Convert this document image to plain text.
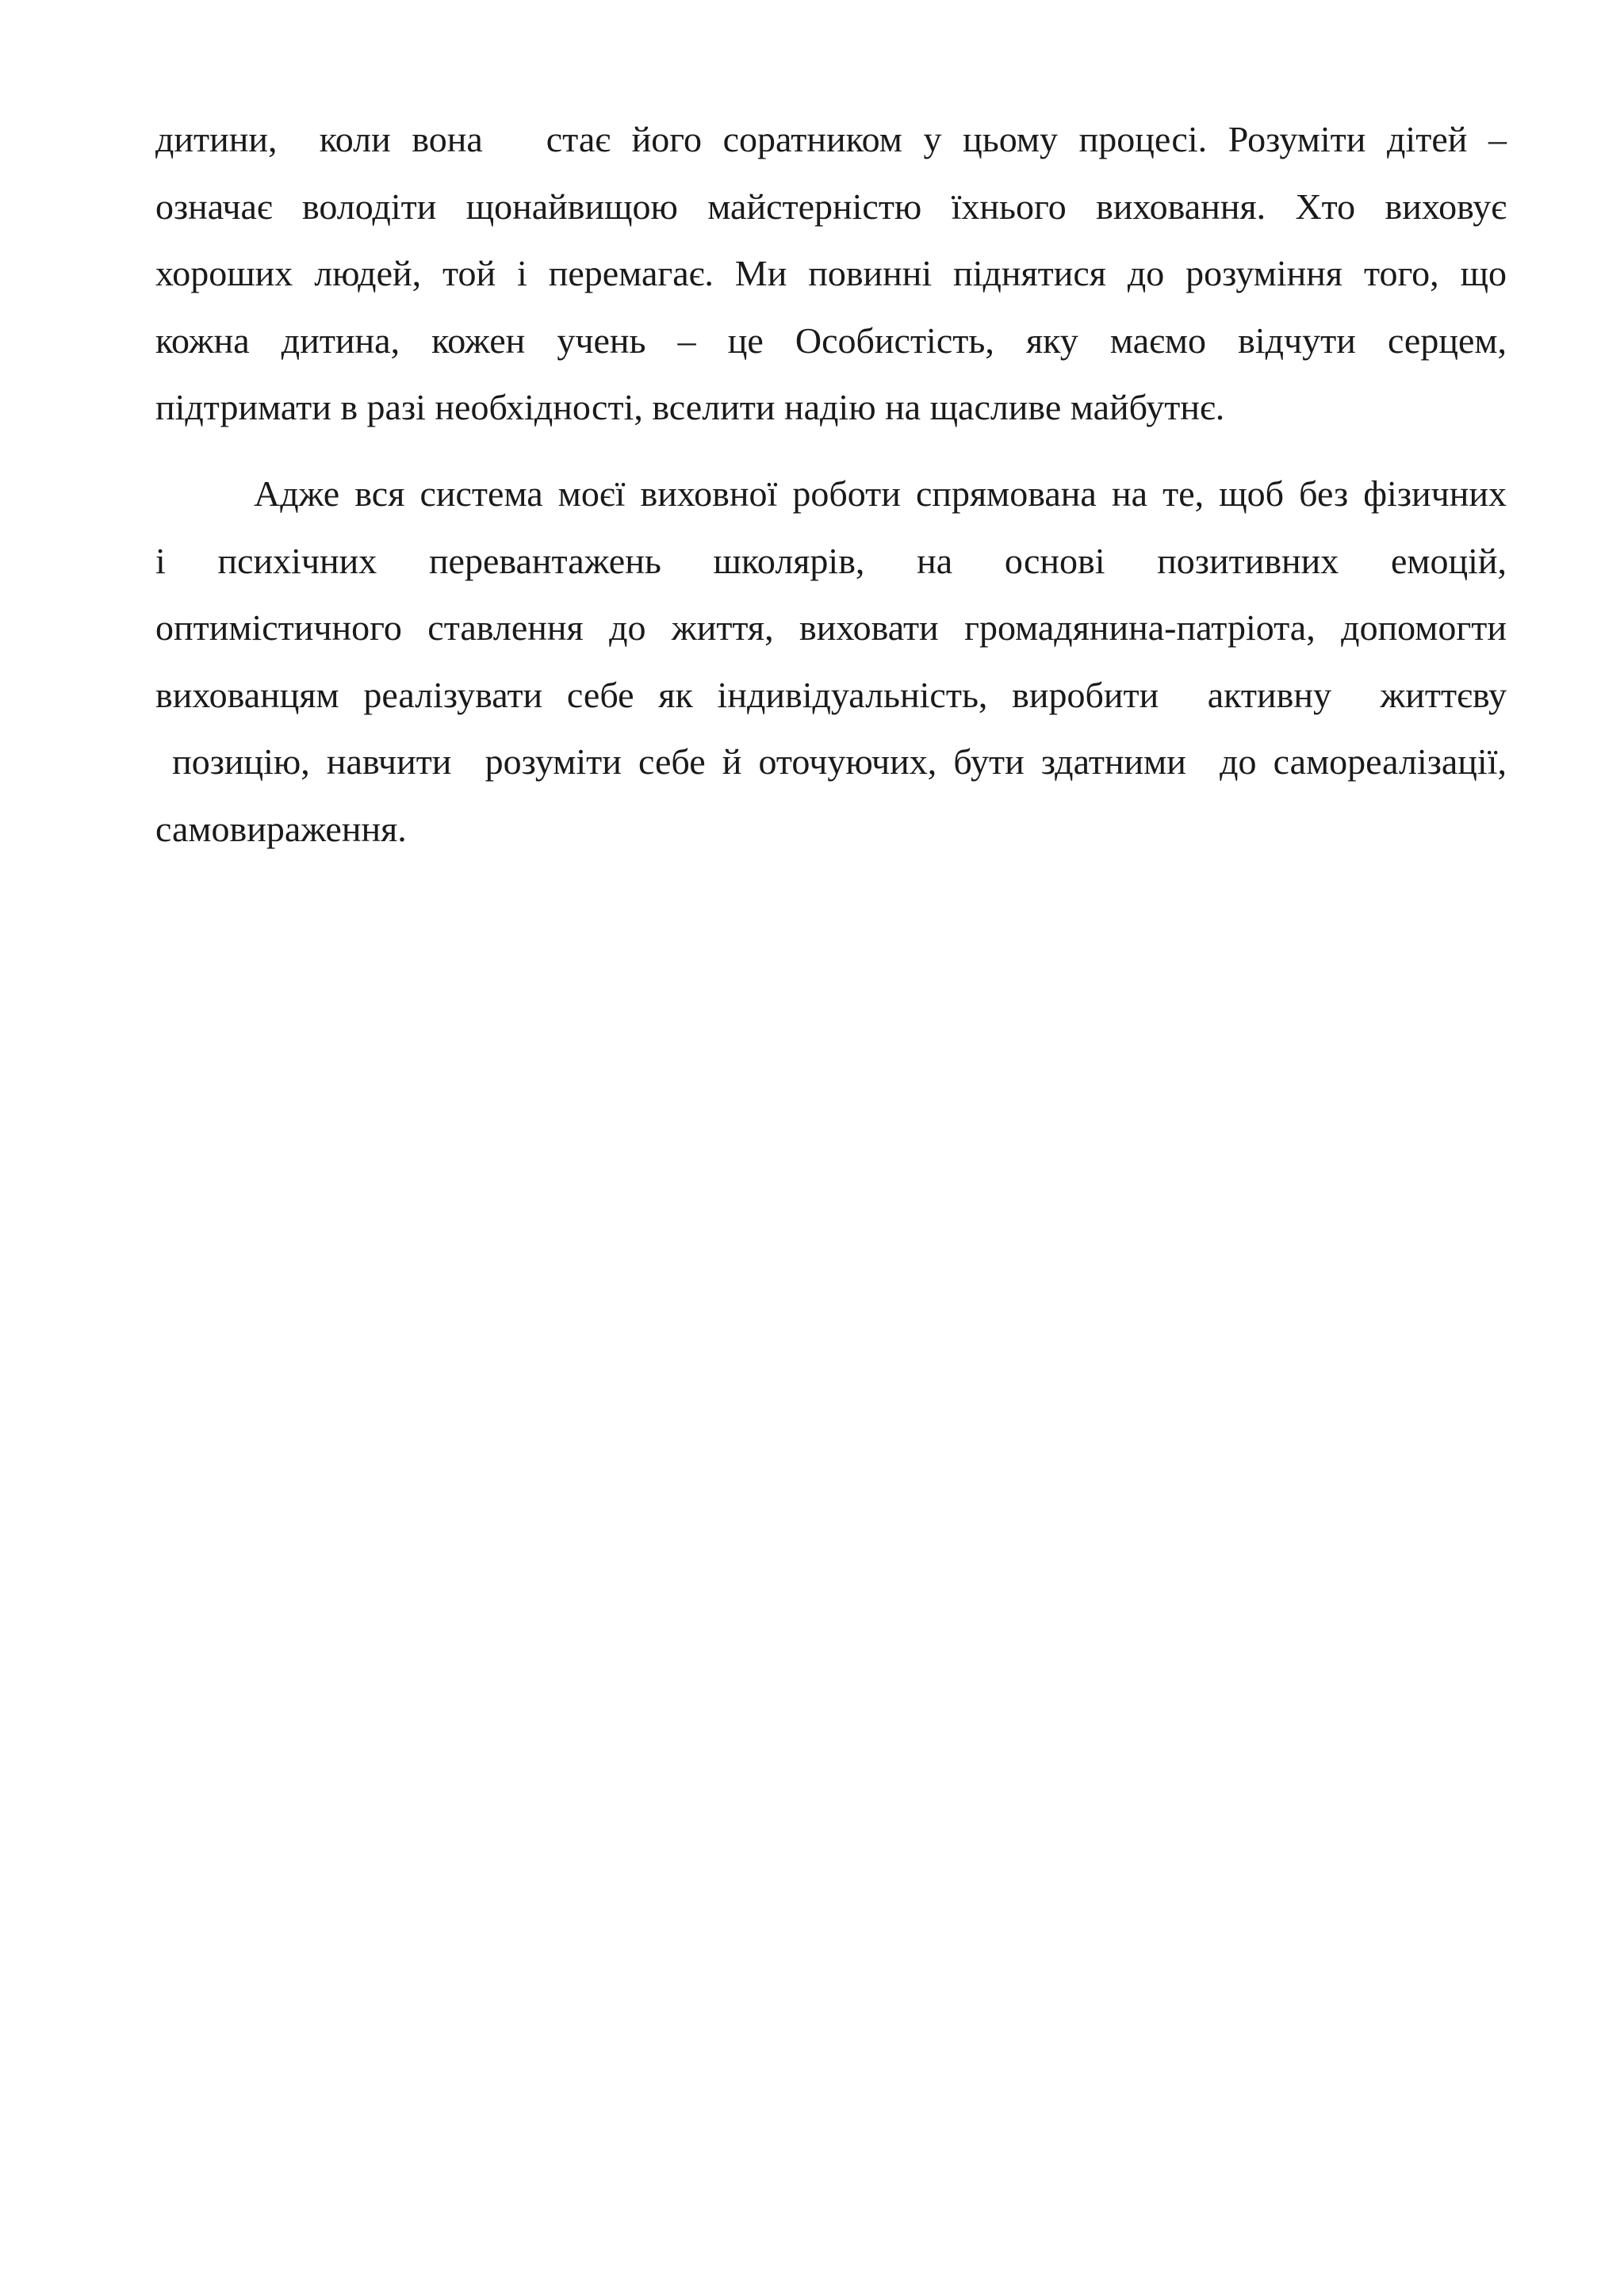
дитини,  коли вона   стає його соратником у цьому процесі. Розуміти дітей –
означає володіти щонайвищою майстерністю їхнього виховання. Хто виховує
хороших людей, той і перемагає. Ми повинні піднятися до розуміння того, що
кожна дитина, кожен учень – це Особистість, яку маємо відчути серцем,
підтримати в разі необхідності, вселити надію на щасливе майбутнє.
Адже вся система моєї виховної роботи спрямована на те, щоб без фізичних
і психічних перевантажень школярів, на основі позитивних емоцій,
оптимістичного ставлення до життя, виховати громадянина-патріота, допомогти
вихованцям реалізувати себе як індивідуальність, виробити  активну  життєву
позицію, навчити  розуміти себе й оточуючих, бути здатними  до самореалізації,
самовираження.
